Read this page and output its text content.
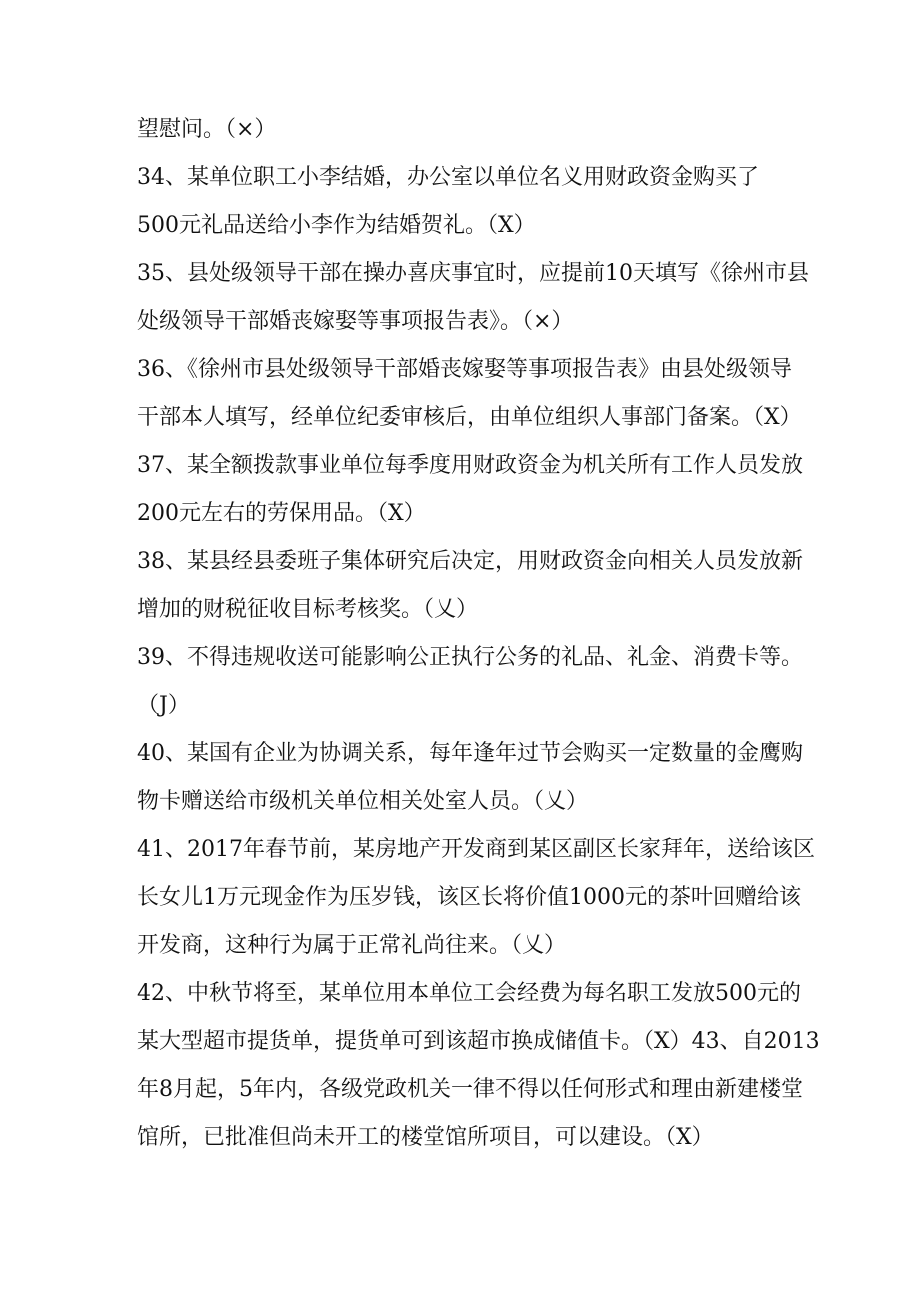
望慰问。（×）

34、某单位职工小李结婚，办公室以单位名义用财政资金购买了

500元礼品送给小李作为结婚贺礼。（X）

35、县处级领导干部在操办喜庆事宜时，应提前10天填写《徐州市县

处级领导干部婚丧嫁娶等事项报告表》。（×）

36、《徐州市县处级领导干部婚丧嫁娶等事项报告表》由县处级领导

干部本人填写，经单位纪委审核后，由单位组织人事部门备案。（X）

37、某全额拨款事业单位每季度用财政资金为机关所有工作人员发放

200元左右的劳保用品。（X）

38、某县经县委班子集体研究后决定，用财政资金向相关人员发放新

增加的财税征收目标考核奖。（乂）

39、不得违规收送可能影响公正执行公务的礼品、礼金、消费卡等。

（J）

40、某国有企业为协调关系，每年逢年过节会购买一定数量的金鹰购

物卡赠送给市级机关单位相关处室人员。（乂）

41、2017年春节前，某房地产开发商到某区副区长家拜年，送给该区

长女儿1万元现金作为压岁钱，该区长将价值1000元的茶叶回赠给该

开发商，这种行为属于正常礼尚往来。（乂）

42、中秋节将至，某单位用本单位工会经费为每名职工发放500元的

某大型超市提货单，提货单可到该超市换成储值卡。（X）43、自2013

年8月起，5年内，各级党政机关一律不得以任何形式和理由新建楼堂

馆所，已批准但尚未开工的楼堂馆所项目，可以建设。（X）
